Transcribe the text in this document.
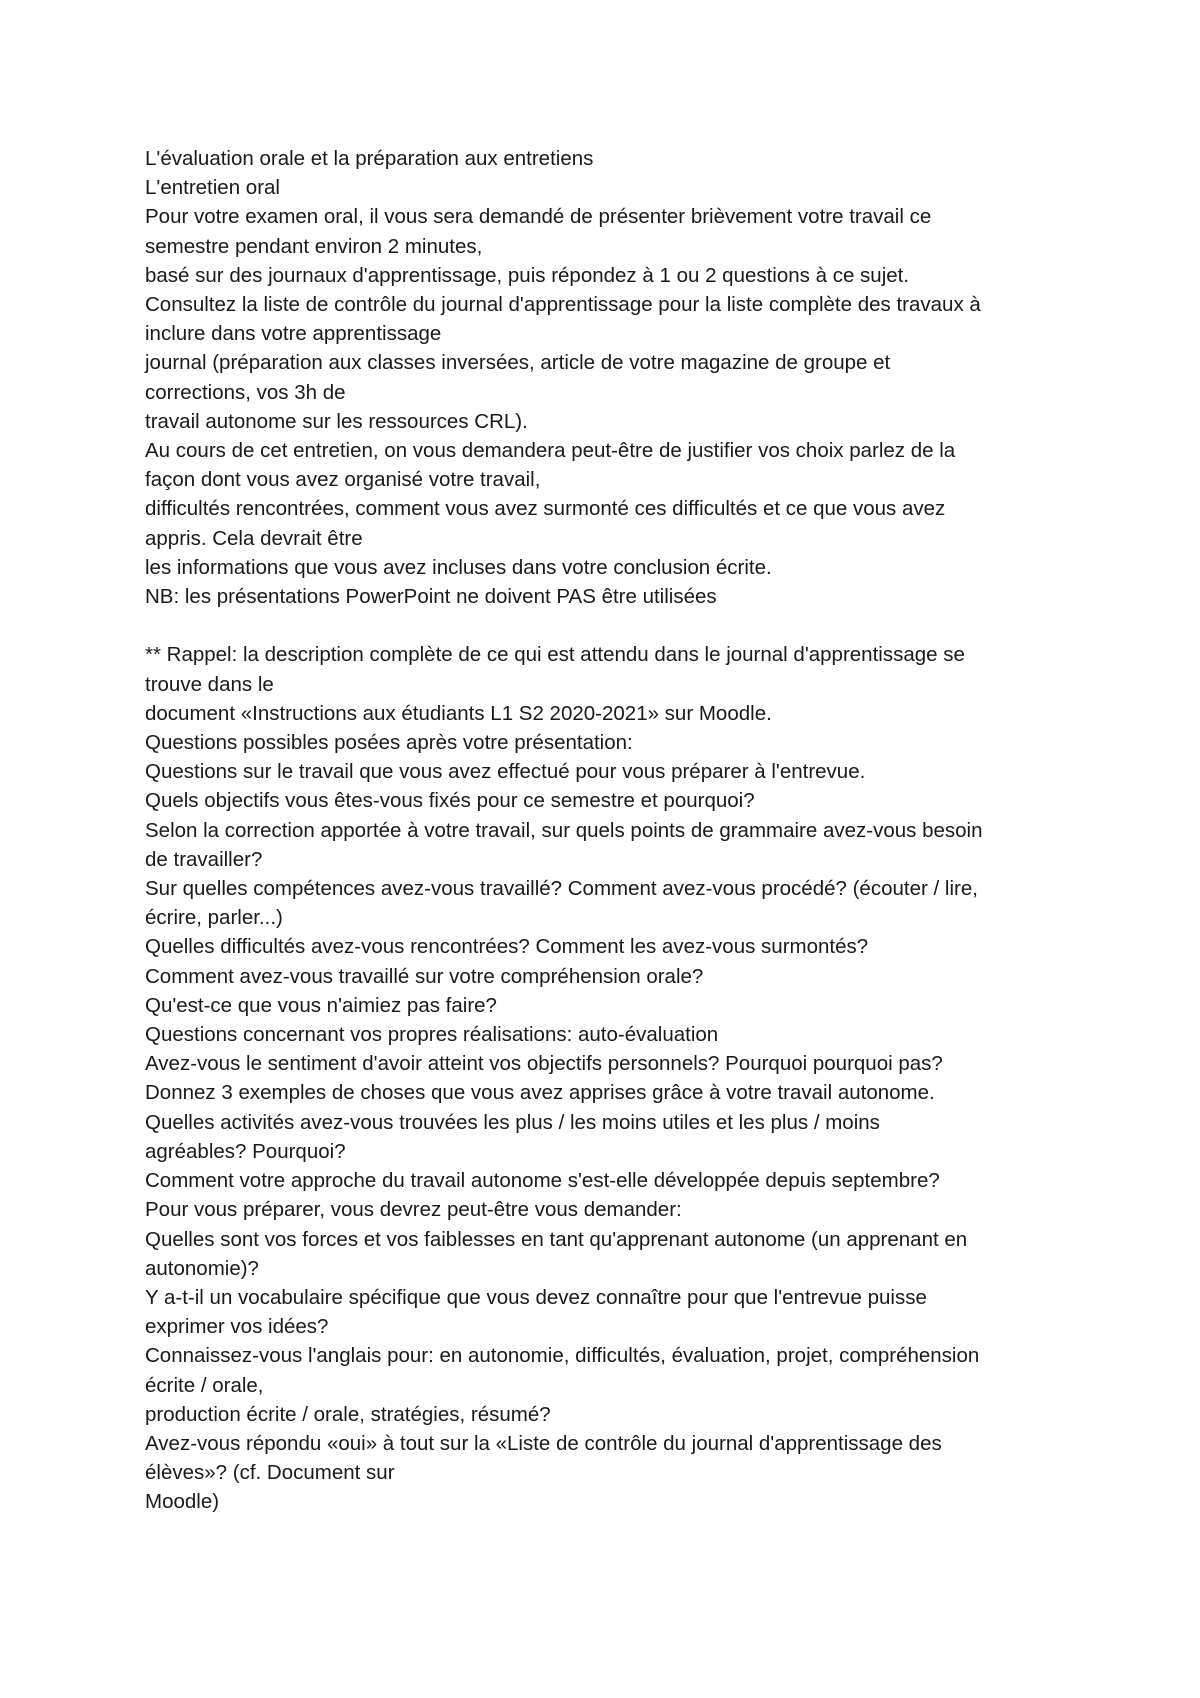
L'évaluation orale et la préparation aux entretiens
L'entretien oral
Pour votre examen oral, il vous sera demandé de présenter brièvement votre travail ce
semestre pendant environ 2 minutes,
basé sur des journaux d'apprentissage, puis répondez à 1 ou 2 questions à ce sujet.
Consultez la liste de contrôle du journal d'apprentissage pour la liste complète des travaux à
inclure dans votre apprentissage
journal (préparation aux classes inversées, article de votre magazine de groupe et
corrections, vos 3h de
travail autonome sur les ressources CRL).
Au cours de cet entretien, on vous demandera peut-être de justifier vos choix parlez de la
façon dont vous avez organisé votre travail,
difficultés rencontrées, comment vous avez surmonté ces difficultés et ce que vous avez
appris. Cela devrait être
les informations que vous avez incluses dans votre conclusion écrite.
NB: les présentations PowerPoint ne doivent PAS être utilisées
** Rappel: la description complète de ce qui est attendu dans le journal d'apprentissage se
trouve dans le
document «Instructions aux étudiants L1 S2 2020-2021» sur Moodle.
Questions possibles posées après votre présentation:
Questions sur le travail que vous avez effectué pour vous préparer à l'entrevue.
Quels objectifs vous êtes-vous fixés pour ce semestre et pourquoi?
Selon la correction apportée à votre travail, sur quels points de grammaire avez-vous besoin
de travailler?
Sur quelles compétences avez-vous travaillé? Comment avez-vous procédé? (écouter / lire,
écrire, parler...)
Quelles difficultés avez-vous rencontrées? Comment les avez-vous surmontés?
Comment avez-vous travaillé sur votre compréhension orale?
Qu'est-ce que vous n'aimiez pas faire?
Questions concernant vos propres réalisations: auto-évaluation
Avez-vous le sentiment d'avoir atteint vos objectifs personnels? Pourquoi pourquoi pas?
Donnez 3 exemples de choses que vous avez apprises grâce à votre travail autonome.
Quelles activités avez-vous trouvées les plus / les moins utiles et les plus / moins
agréables? Pourquoi?
Comment votre approche du travail autonome s'est-elle développée depuis septembre?
Pour vous préparer, vous devrez peut-être vous demander:
Quelles sont vos forces et vos faiblesses en tant qu'apprenant autonome (un apprenant en
autonomie)?
Y a-t-il un vocabulaire spécifique que vous devez connaître pour que l'entrevue puisse
exprimer vos idées?
Connaissez-vous l'anglais pour: en autonomie, difficultés, évaluation, projet, compréhension
écrite / orale,
production écrite / orale, stratégies, résumé?
Avez-vous répondu «oui» à tout sur la «Liste de contrôle du journal d'apprentissage des
élèves»? (cf. Document sur
Moodle)
